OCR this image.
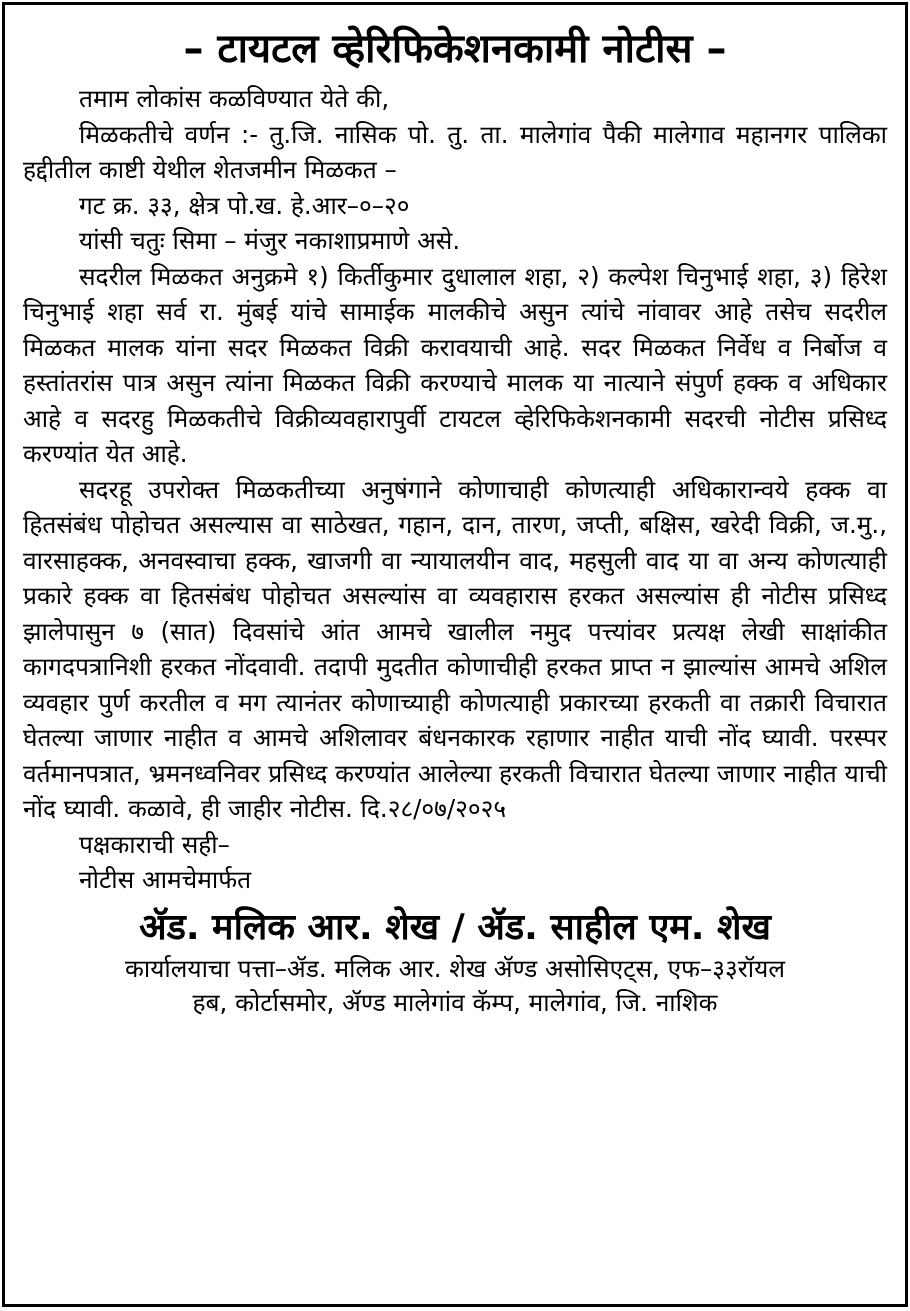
– टायटल व्हेरिफिकेशनकामी नोटीस –
तमाम लोकांस कळविण्यात येते की,

मिळकतीचे वर्णन :- तु.जि. नासिक पो. तु. ता. मालेगांव पैकी मालेगाव महानगर पालिका हद्दीतील काष्टी येथील शेतजमीन मिळकत –

गट क्र. ३३, क्षेत्र पो.ख. हे.आर–०–२०
यांसी चतुः सिमा – मंजुर नकाशाप्रमाणे असे.

सदरील मिळकत अनुक्रमे १) किर्तीकुमार दुधालाल शहा, २) कल्पेश चिनुभाई शहा, ३) हिरेश चिनुभाई शहा सर्व रा. मुंबई यांचे सामाईक मालकीचे असुन त्यांचे नांवावर आहे तसेच सदरील मिळकत मालक यांना सदर मिळकत विक्री करावयाची आहे. सदर मिळकत निर्वेध व निर्बोज व हस्तांतरांस पात्र असुन त्यांना मिळकत विक्री करण्याचे मालक या नात्याने संपुर्ण हक्क व अधिकार आहे व सदरहु मिळकतीचे विक्रीव्यवहारापुर्वी टायटल व्हेरिफिकेशनकामी सदरची नोटीस प्रसिध्द करण्यांत येत आहे.

सदरहू उपरोक्त मिळकतीच्या अनुषंगाने कोणाचाही कोणत्याही अधिकारान्वये हक्क वा हितसंबंध पोहोचत असल्यास वा साठेखत, गहान, दान, तारण, जप्ती, बक्षिस, खरेदी विक्री, ज.मु., वारसाहक्क, अनवस्वाचा हक्क, खाजगी वा न्यायालयीन वाद, महसुली वाद या वा अन्य कोणत्याही प्रकारे हक्क वा हितसंबंध पोहोचत असल्यांस वा व्यवहारास हरकत असल्यांस ही नोटीस प्रसिध्द झालेपासुन ७ (सात) दिवसांचे आंत आमचे खालील नमुद पत्त्यांवर प्रत्यक्ष लेखी साक्षांकीत कागदपत्रानिशी हरकत नोंदवावी. तदापी मुदतीत कोणाचीही हरकत प्राप्त न झाल्यांस आमचे अशिल व्यवहार पुर्ण करतील व मग त्यानंतर कोणाच्याही कोणत्याही प्रकारच्या हरकती वा तक्रारी विचारात घेतल्या जाणार नाहीत व आमचे अशिलावर बंधनकारक रहाणार नाहीत याची नोंद घ्यावी. परस्पर वर्तमानपत्रात, भ्रमनध्वनिवर प्रसिध्द करण्यांत आलेल्या हरकती विचारात घेतल्या जाणार नाहीत याची नोंद घ्यावी. कळावे, ही जाहीर नोटीस. दि.२८/०७/२०२५

पक्षकाराची सही–
नोटीस आमचेमार्फत
ॲड. मलिक आर. शेख / ॲड. साहील एम. शेख
कार्यालयाचा पत्ता–ॲड. मलिक आर. शेख ॲण्ड असोसिएट्स, एफ–३३रॉयल
हब, कोर्टासमोर, ॲण्ड मालेगांव कॅम्प, मालेगांव, जि. नाशिक
